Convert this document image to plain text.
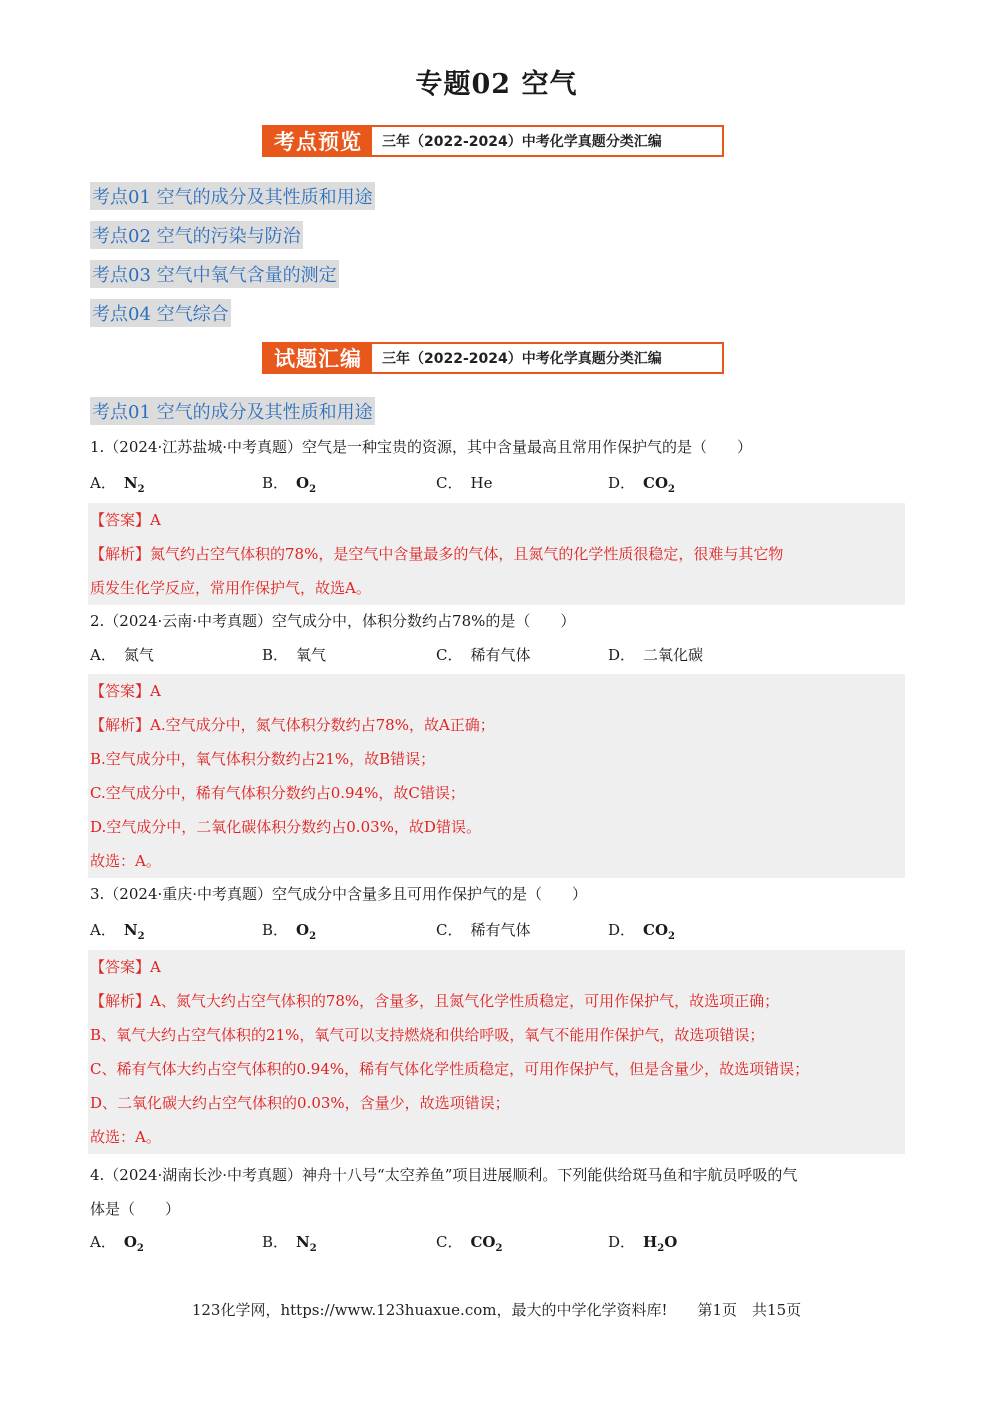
专题02 空气
考点预览	三年（2022-2024）中考化学真题分类汇编
考点01 空气的成分及其性质和用途
考点02 空气的污染与防治
考点03 空气中氧气含量的测定
考点04 空气综合
试题汇编	三年（2022-2024）中考化学真题分类汇编
考点01 空气的成分及其性质和用途
1.（2024·江苏盐城·中考真题）空气是一种宝贵的资源，其中含量最高且常用作保护气的是（　　）
A． $N_2$	B． $O_2$	C． He	D． $CO_2$
【答案】A
【解析】氮气约占空气体积的78%，是空气中含量最多的气体，且氮气的化学性质很稳定，很难与其它物
质发生化学反应，常用作保护气，故选A。
2.（2024·云南·中考真题）空气成分中，体积分数约占78%的是（　　）
A． 氮气	B． 氧气	C． 稀有气体	D． 二氧化碳
【答案】A
【解析】A.空气成分中，氮气体积分数约占78%，故A正确；
B.空气成分中，氧气体积分数约占21%，故B错误；
C.空气成分中，稀有气体积分数约占0.94%，故C错误；
D.空气成分中，二氧化碳体积分数约占0.03%，故D错误。
故选：A。
3.（2024·重庆·中考真题）空气成分中含量多且可用作保护气的是（　　）
A． $N_2$	B． $O_2$	C． 稀有气体	D． $CO_2$
【答案】A
【解析】A、氮气大约占空气体积的78%，含量多，且氮气化学性质稳定，可用作保护气，故选项正确；
B、氧气大约占空气体积的21%，氧气可以支持燃烧和供给呼吸，氧气不能用作保护气，故选项错误；
C、稀有气体大约占空气体积的0.94%，稀有气体化学性质稳定，可用作保护气，但是含量少，故选项错误；
D、二氧化碳大约占空气体积的0.03%，含量少，故选项错误；
故选：A。
4.（2024·湖南长沙·中考真题）神舟十八号“太空养鱼”项目进展顺利。下列能供给斑马鱼和宇航员呼吸的气
体是（　　）
A． $O_2$	B． $N_2$	C． $CO_2$	D． $H_2O$
123化学网，https://www.123huaxue.com，最大的中学化学资料库!　　第1页　共15页
